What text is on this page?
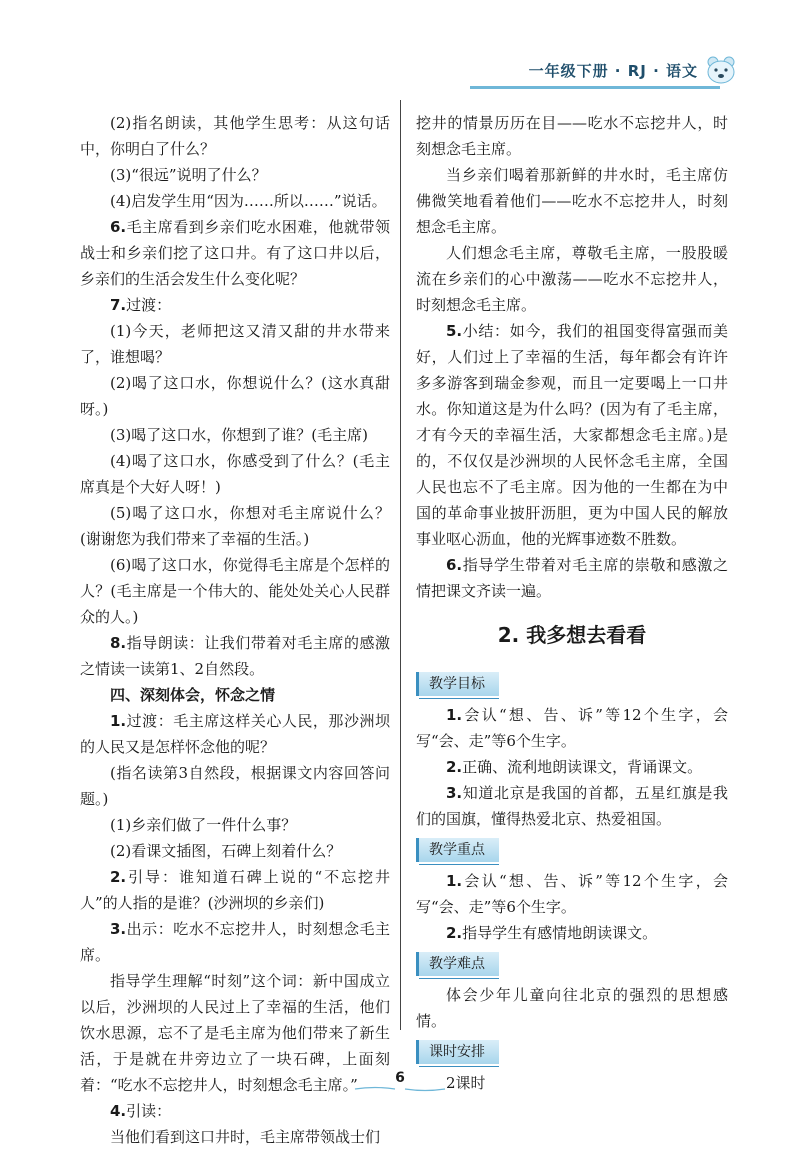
一年级下册 · RJ · 语文

(2)指名朗读，其他学生思考：从这句话中，你明白了什么？

(3)“很远”说明了什么？

(4)启发学生用“因为……所以……”说话。

6.毛主席看到乡亲们吃水困难，他就带领战士和乡亲们挖了这口井。有了这口井以后，乡亲们的生活会发生什么变化呢？

7.过渡：

(1)今天，老师把这又清又甜的井水带来了，谁想喝？

(2)喝了这口水，你想说什么？(这水真甜呀。)

(3)喝了这口水，你想到了谁？(毛主席)

(4)喝了这口水，你感受到了什么？(毛主席真是个大好人呀！)

(5)喝了这口水，你想对毛主席说什么？(谢谢您为我们带来了幸福的生活。)

(6)喝了这口水，你觉得毛主席是个怎样的人？(毛主席是一个伟大的、能处处关心人民群众的人。)

8.指导朗读：让我们带着对毛主席的感激之情读一读第1、2自然段。

四、深刻体会，怀念之情

1.过渡：毛主席这样关心人民，那沙洲坝的人民又是怎样怀念他的呢？

(指名读第3自然段，根据课文内容回答问题。)

(1)乡亲们做了一件什么事？

(2)看课文插图，石碑上刻着什么？

2.引导：谁知道石碑上说的“不忘挖井人”的人指的是谁？(沙洲坝的乡亲们)

3.出示：吃水不忘挖井人，时刻想念毛主席。

指导学生理解“时刻”这个词：新中国成立以后，沙洲坝的人民过上了幸福的生活，他们饮水思源，忘不了是毛主席为他们带来了新生活，于是就在井旁边立了一块石碑，上面刻着：“吃水不忘挖井人，时刻想念毛主席。”

4.引读：

当他们看到这口井时，毛主席带领战士们

挖井的情景历历在目——吃水不忘挖井人，时刻想念毛主席。

当乡亲们喝着那新鲜的井水时，毛主席仿佛微笑地看着他们——吃水不忘挖井人，时刻想念毛主席。

人们想念毛主席，尊敬毛主席，一股股暖流在乡亲们的心中激荡——吃水不忘挖井人，时刻想念毛主席。

5.小结：如今，我们的祖国变得富强而美好，人们过上了幸福的生活，每年都会有许许多多游客到瑞金参观，而且一定要喝上一口井水。你知道这是为什么吗？(因为有了毛主席，才有今天的幸福生活，大家都想念毛主席。)是的，不仅仅是沙洲坝的人民怀念毛主席，全国人民也忘不了毛主席。因为他的一生都在为中国的革命事业披肝沥胆，更为中国人民的解放事业呕心沥血，他的光辉事迹数不胜数。

6.指导学生带着对毛主席的崇敬和感激之情把课文齐读一遍。

2. 我多想去看看
教学目标

1.会认“想、告、诉”等12个生字，会写“会、走”等6个生字。

2.正确、流利地朗读课文，背诵课文。

3.知道北京是我国的首都，五星红旗是我们的国旗，懂得热爱北京、热爱祖国。

教学重点

1.会认“想、告、诉”等12个生字，会写“会、走”等6个生字。

2.指导学生有感情地朗读课文。

教学难点

体会少年儿童向往北京的强烈的思想感情。

课时安排

2课时

6
